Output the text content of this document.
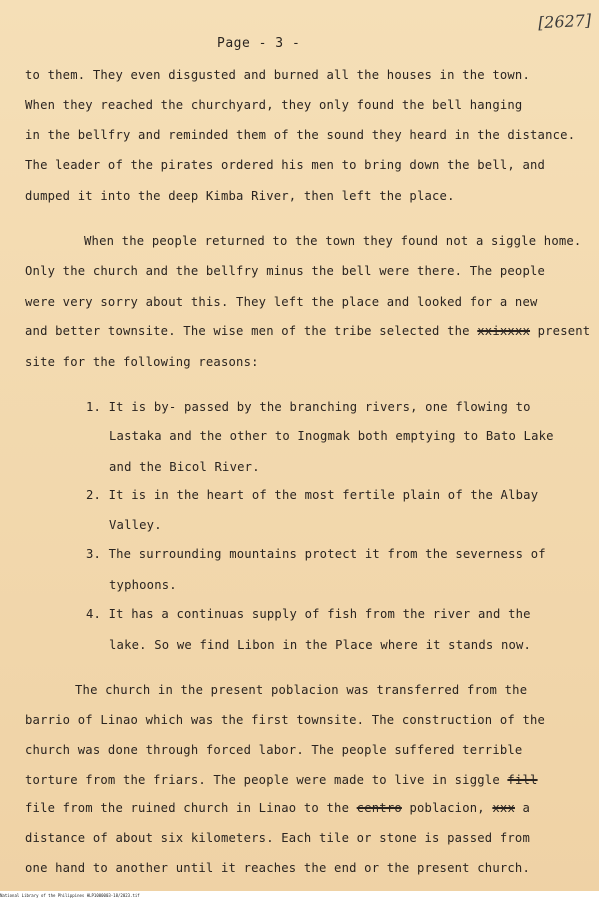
[2627]
Page - 3 -
to them. They even disgusted and burned all the houses in the town.
When they reached the churchyard, they only found the bell hanging
in the bellfry and reminded them of the sound they heard in the distance.
The leader of the pirates ordered his men to bring down the bell, and
dumped it into the deep Kimba River, then left the place.
When the people returned to the town they found not a siggle home.
Only the church and the bellfry minus the bell were there. The people
were very sorry about this. They left the place and looked for a new
and better townsite. The wise men of the tribe selected the xxixxxx present
site for the following reasons:
1. It is by- passed by the branching rivers, one flowing to
Lastaka and the other to Inogmak both emptying to Bato Lake
and the Bicol River.
2. It is in the heart of the most fertile plain of the Albay
Valley.
3. The surrounding mountains protect it from the severness of
typhoons.
4. It has a continuas supply of fish from the river and the
lake. So we find Libon in the Place where it stands now.
The church in the present poblacion was transferred from the
barrio of Linao which was the first townsite. The construction of the
church was done through forced labor. The people suffered terrible
torture from the friars. The people were made to live in siggle fill
file from the ruined church in Linao to the centro poblacion, xxx a
distance of about six kilometers. Each tile or stone is passed from
one hand to another until it reaches the end or the present church.
National Library of the Philippines HLP1000003-18/2023.tif
